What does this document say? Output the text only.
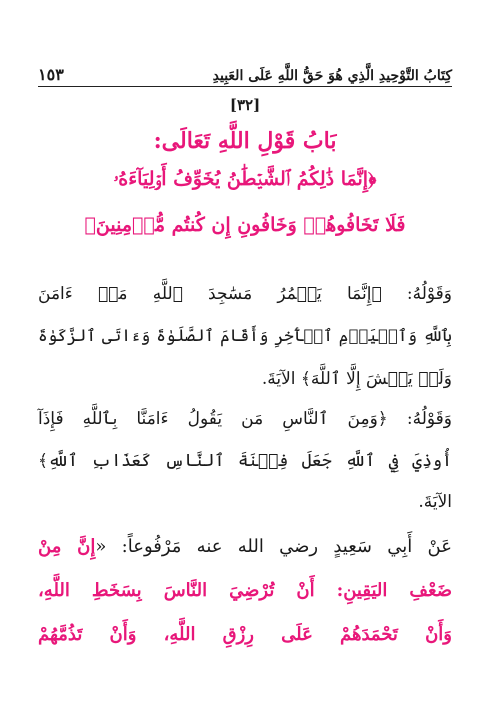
كِتَابُ التَّوْحِيدِ الَّذِي هُوَ حَقُّ اللَّهِ عَلَى العَبِيدِ
١٥٣
[٣٢]
بَابُ قَوْلِ اللَّهِ تَعَالَى:
﴿إِنَّمَا ذَٰلِكُمُ ٱلشَّيۡطَٰنُ يُخَوِّفُ أَوۡلِيَآءَهُۥ
فَلَا تَخَافُوهُمۡ وَخَافُونِ إِن كُنتُم مُّؤۡمِنِينَ﴾
وَقَوْلُهُ: ﴿إِنَّمَا يَعۡمُرُ مَسَٰجِدَ ٱللَّهِ مَنۡ ءَامَنَ
بِٱللَّهِ وَٱلۡيَوۡمِ ٱلۡأٓخِرِ وَأَقَامَ ٱلصَّلَوٰةَ وَءَاتَى ٱلزَّكَوٰةَ
وَلَمۡ يَخۡشَ إِلَّا ٱللَّهَ﴾ الآيَةَ.
وَقَوْلُهُ: ﴿وَمِنَ ٱلنَّاسِ مَن يَقُولُ ءَامَنَّا بِٱللَّهِ فَإِذَآ
أُوذِيَ فِي ٱللَّهِ جَعَلَ فِتۡنَةَ ٱلنَّاسِ كَعَذَابِ ٱللَّهِ﴾
الآيَةَ.
عَنْ أَبِي سَعِيدٍ رضي الله عنه مَرْفُوعاً: «إِنَّ مِنْ
ضَعْفِ اليَقِينِ: أَنْ تُرْضِيَ النَّاسَ بِسَخَطِ اللَّهِ،
وَأَنْ تَحْمَدَهُمْ عَلَى رِزْقِ اللَّهِ، وَأَنْ تَذُمَّهُمْ
